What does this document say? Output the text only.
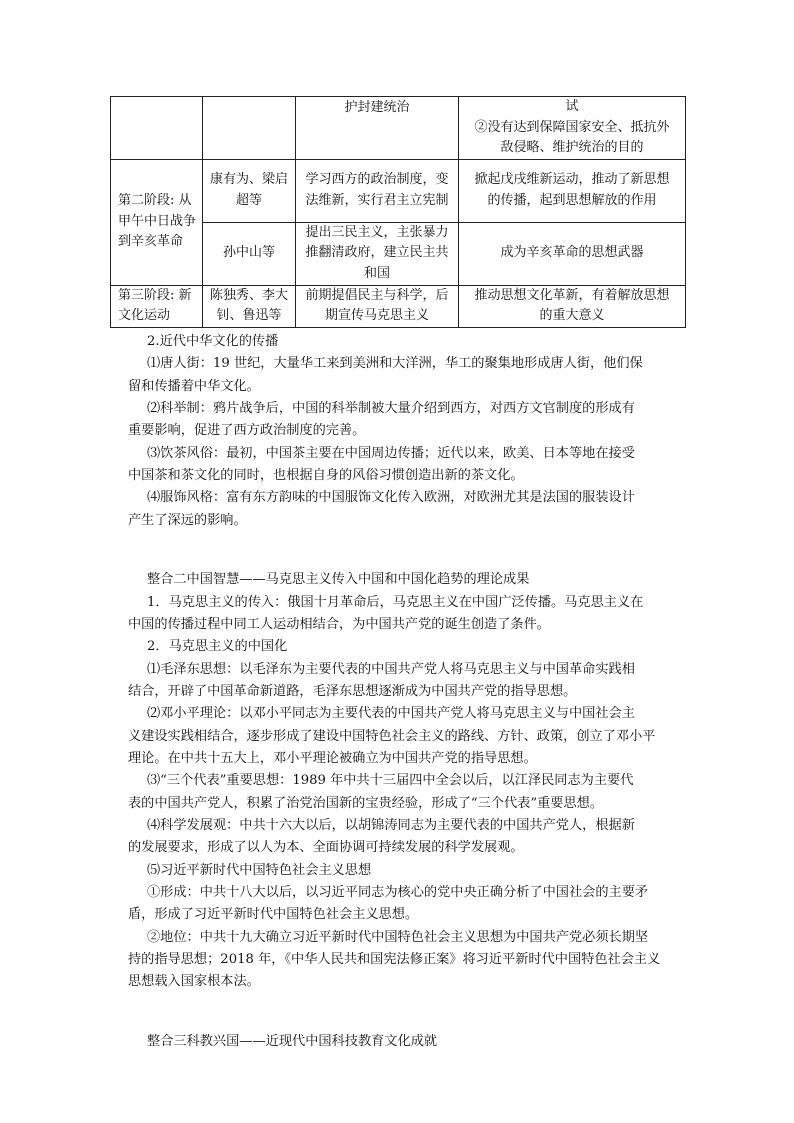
		护封建统治	试
②没有达到保障国家安全、抵抗外
敌侵略、维护统治的目的

第二阶段: 从甲午中日战争到辛亥革命	康有为、梁启超等	学习西方的政治制度，变法维新，实行君主立宪制	掀起戊戌维新运动，推动了新思想
的传播，起到思想解放的作用

	孙中山等	提出三民主义，主张暴力推翻清政府，建立民主共和国	成为辛亥革命的思想武器

第三阶段: 新文化运动	陈独秀、李大钊、鲁迅等	前期提倡民主与科学，后期宣传马克思主义	推动思想文化革新，有着解放思想
的重大意义
2.近代中华文化的传播
⑴唐人街：19 世纪，大量华工来到美洲和大洋洲，华工的聚集地形成唐人街，他们保
留和传播着中华文化。
⑵科举制：鸦片战争后，中国的科举制被大量介绍到西方，对西方文官制度的形成有
重要影响，促进了西方政治制度的完善。
⑶饮茶风俗：最初，中国茶主要在中国周边传播；近代以来，欧美、日本等地在接受
中国茶和茶文化的同时，也根据自身的风俗习惯创造出新的茶文化。
⑷服饰风格：富有东方韵味的中国服饰文化传入欧洲，对欧洲尤其是法国的服装设计
产生了深远的影响。
整合二中国智慧——马克思主义传入中国和中国化趋势的理论成果
1．马克思主义的传入：俄国十月革命后，马克思主义在中国广泛传播。马克思主义在
中国的传播过程中同工人运动相结合，为中国共产党的诞生创造了条件。
2．马克思主义的中国化
⑴毛泽东思想：以毛泽东为主要代表的中国共产党人将马克思主义与中国革命实践相
结合，开辟了中国革命新道路，毛泽东思想逐渐成为中国共产党的指导思想。
⑵邓小平理论：以邓小平同志为主要代表的中国共产党人将马克思主义与中国社会主
义建设实践相结合，逐步形成了建设中国特色社会主义的路线、方针、政策，创立了邓小平
理论。在中共十五大上，邓小平理论被确立为中国共产党的指导思想。
⑶“三个代表”重要思想：1989 年中共十三届四中全会以后，以江泽民同志为主要代
表的中国共产党人，积累了治党治国新的宝贵经验，形成了“三个代表”重要思想。
⑷科学发展观：中共十六大以后，以胡锦涛同志为主要代表的中国共产党人，根据新
的发展要求，形成了以人为本、全面协调可持续发展的科学发展观。
⑸习近平新时代中国特色社会主义思想
①形成：中共十八大以后，以习近平同志为核心的党中央正确分析了中国社会的主要矛
盾，形成了习近平新时代中国特色社会主义思想。
②地位：中共十九大确立习近平新时代中国特色社会主义思想为中国共产党必须长期坚
持的指导思想；2018 年，《中华人民共和国宪法修正案》将习近平新时代中国特色社会主义
思想载入国家根本法。
整合三科教兴国——近现代中国科技教育文化成就
